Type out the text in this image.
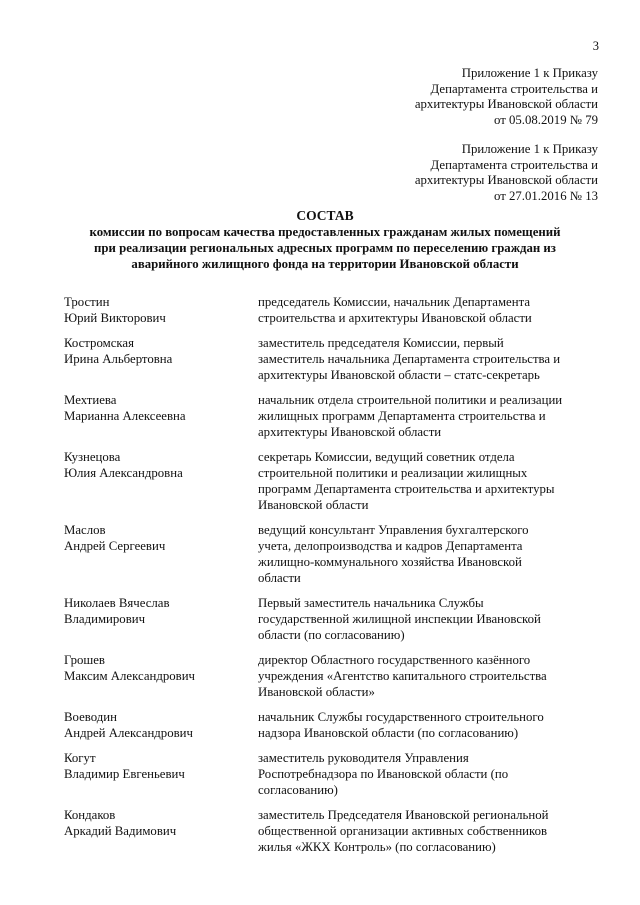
3
Приложение 1 к Приказу
Департамента строительства и
архитектуры Ивановской области
от 05.08.2019 № 79
Приложение 1 к Приказу
Департамента строительства и
архитектуры Ивановской области
от 27.01.2016 № 13
СОСТАВ
комиссии по вопросам качества предоставленных гражданам жилых помещений
при реализации региональных адресных программ по переселению граждан из
аварийного жилищного фонда на территории Ивановской области
Тростин
Юрий Викторович
председатель Комиссии, начальник Департамента
строительства и архитектуры Ивановской области
Костромская
Ирина Альбертовна
заместитель председателя Комиссии, первый
заместитель начальника Департамента строительства и
архитектуры Ивановской области – статс-секретарь
Мехтиева
Марианна Алексеевна
начальник отдела строительной политики и реализации
жилищных программ Департамента строительства и
архитектуры Ивановской области
Кузнецова
Юлия Александровна
секретарь Комиссии, ведущий советник отдела
строительной политики и реализации жилищных
программ Департамента строительства и архитектуры
Ивановской области
Маслов
Андрей Сергеевич
ведущий консультант Управления бухгалтерского
учета, делопроизводства и кадров Департамента
жилищно-коммунального хозяйства Ивановской
области
Николаев Вячеслав
Владимирович
Первый заместитель начальника Службы
государственной жилищной инспекции Ивановской
области (по согласованию)
Грошев
Максим Александрович
директор Областного государственного казённого
учреждения «Агентство капитального строительства
Ивановской области»
Воеводин
Андрей Александрович
начальник Службы государственного строительного
надзора Ивановской области (по согласованию)
Когут
Владимир Евгеньевич
заместитель руководителя Управления
Роспотребнадзора по Ивановской области (по
согласованию)
Кондаков
Аркадий Вадимович
заместитель Председателя Ивановской региональной
общественной организации активных собственников
жилья «ЖКХ Контроль» (по согласованию)
